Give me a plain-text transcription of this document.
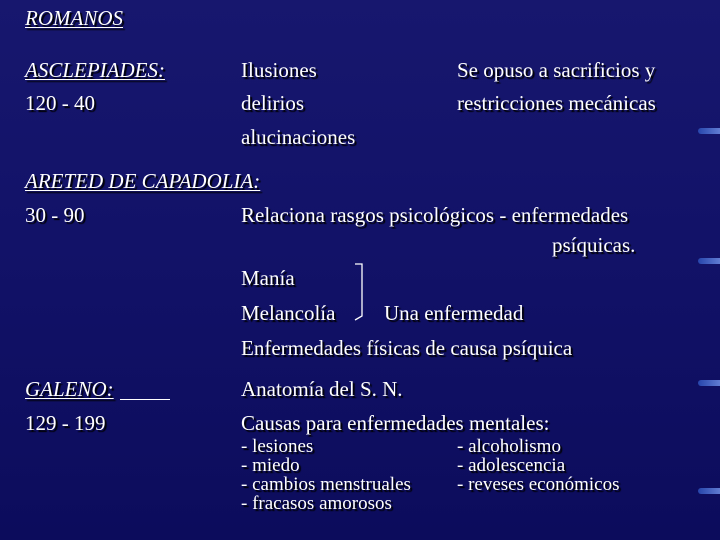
ROMANOS
ASCLEPIADES:
120 - 40
Ilusiones
delirios
alucinaciones
Se opuso a sacrificios y
restricciones mecánicas
ARETED DE CAPADOLIA:
30 - 90	Relaciona rasgos psicológicos - enfermedades
psíquicas.
Manía
Melancolía Una enfermedad
Enfermedades físicas de causa psíquica
GALENO:
129 - 199
Anatomía del S. N.
Causas para enfermedades mentales:
- lesiones
- miedo
- cambios menstruales
- fracasos amorosos
- alcoholismo
- adolescencia
- reveses económicos
